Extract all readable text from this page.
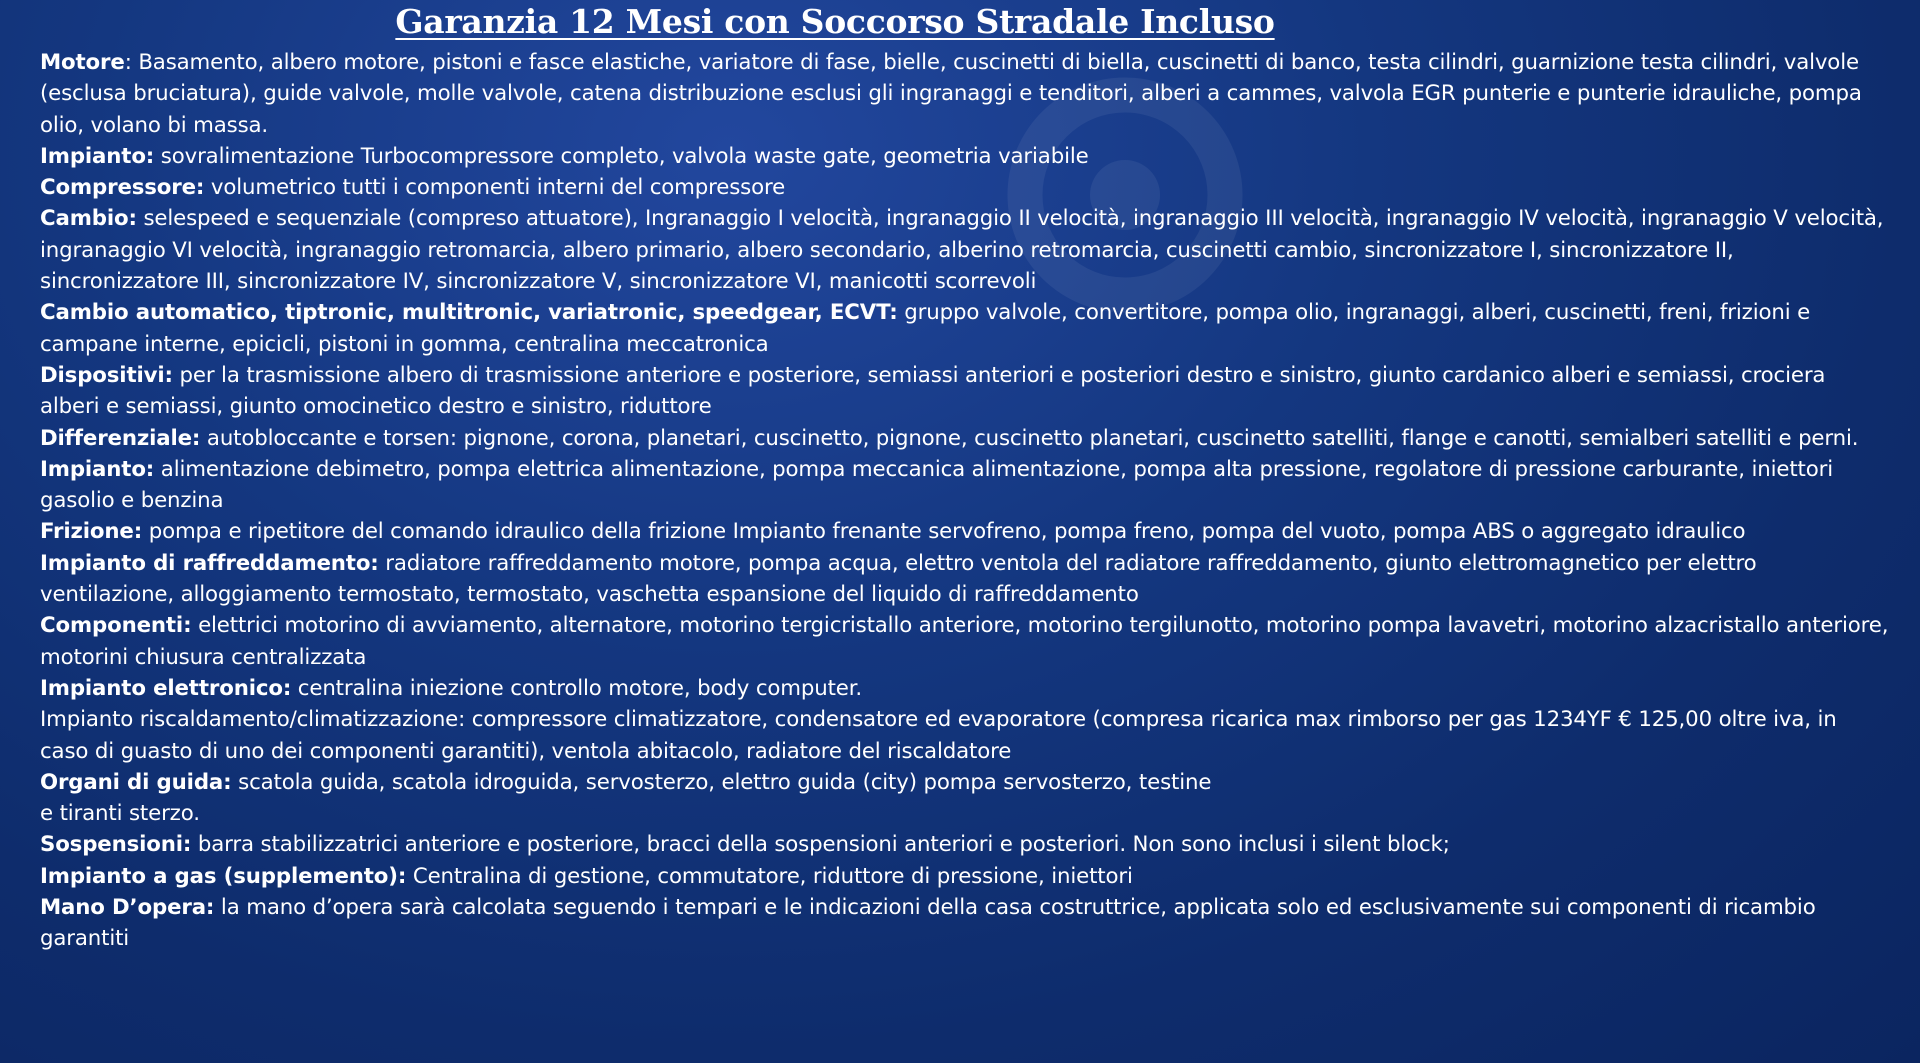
Garanzia 12 Mesi con Soccorso Stradale Incluso

Motore: Basamento, albero motore, pistoni e fasce elastiche, variatore di fase, bielle, cuscinetti di biella, cuscinetti di banco, testa cilindri, guarnizione testa cilindri, valvole (esclusa bruciatura), guide valvole, molle valvole, catena distribuzione esclusi gli ingranaggi e tenditori, alberi a cammes, valvola EGR punterie e punterie idrauliche, pompa olio, volano bi massa.

Impianto: sovralimentazione Turbocompressore completo, valvola waste gate, geometria variabile

Compressore: volumetrico tutti i componenti interni del compressore

Cambio: selespeed e sequenziale (compreso attuatore), Ingranaggio I velocità, ingranaggio II velocità, ingranaggio III velocità, ingranaggio IV velocità, ingranaggio V velocità, ingranaggio VI velocità, ingranaggio retromarcia, albero primario, albero secondario, alberino retromarcia, cuscinetti cambio, sincronizzatore I, sincronizzatore II, sincronizzatore III, sincronizzatore IV, sincronizzatore V, sincronizzatore VI, manicotti scorrevoli

Cambio automatico, tiptronic, multitronic, variatronic, speedgear, ECVT: gruppo valvole, convertitore, pompa olio, ingranaggi, alberi, cuscinetti, freni, frizioni e campane interne, epicicli, pistoni in gomma, centralina meccatronica

Dispositivi: per la trasmissione albero di trasmissione anteriore e posteriore, semiassi anteriori e posteriori destro e sinistro, giunto cardanico alberi e semiassi, crociera alberi e semiassi, giunto omocinetico destro e sinistro, riduttore

Differenziale: autobloccante e torsen: pignone, corona, planetari, cuscinetto, pignone, cuscinetto planetari, cuscinetto satelliti, flange e canotti, semialberi satelliti e perni.

Impianto: alimentazione debimetro, pompa elettrica alimentazione, pompa meccanica alimentazione, pompa alta pressione, regolatore di pressione carburante, iniettori gasolio e benzina

Frizione: pompa e ripetitore del comando idraulico della frizione Impianto frenante servofreno, pompa freno, pompa del vuoto, pompa ABS o aggregato idraulico

Impianto di raffreddamento: radiatore raffreddamento motore, pompa acqua, elettro ventola del radiatore raffreddamento, giunto elettromagnetico per elettro ventilazione, alloggiamento termostato, termostato, vaschetta espansione del liquido di raffreddamento

Componenti: elettrici motorino di avviamento, alternatore, motorino tergicristallo anteriore, motorino tergilunotto, motorino pompa lavavetri, motorino alzacristallo anteriore, motorini chiusura centralizzata

Impianto elettronico: centralina iniezione controllo motore, body computer.

Impianto riscaldamento/climatizzazione: compressore climatizzatore, condensatore ed evaporatore (compresa ricarica max rimborso per gas 1234YF € 125,00 oltre iva, in caso di guasto di uno dei componenti garantiti), ventola abitacolo, radiatore del riscaldatore

Organi di guida: scatola guida, scatola idroguida, servosterzo, elettro guida (city) pompa servosterzo, testine
e tiranti sterzo.

Sospensioni: barra stabilizzatrici anteriore e posteriore, bracci della sospensioni anteriori e posteriori. Non sono inclusi i silent block;

Impianto a gas (supplemento): Centralina di gestione, commutatore, riduttore di pressione, iniettori

Mano D’opera: la mano d’opera sarà calcolata seguendo i tempari e le indicazioni della casa costruttrice, applicata solo ed esclusivamente sui componenti di ricambio garantiti
